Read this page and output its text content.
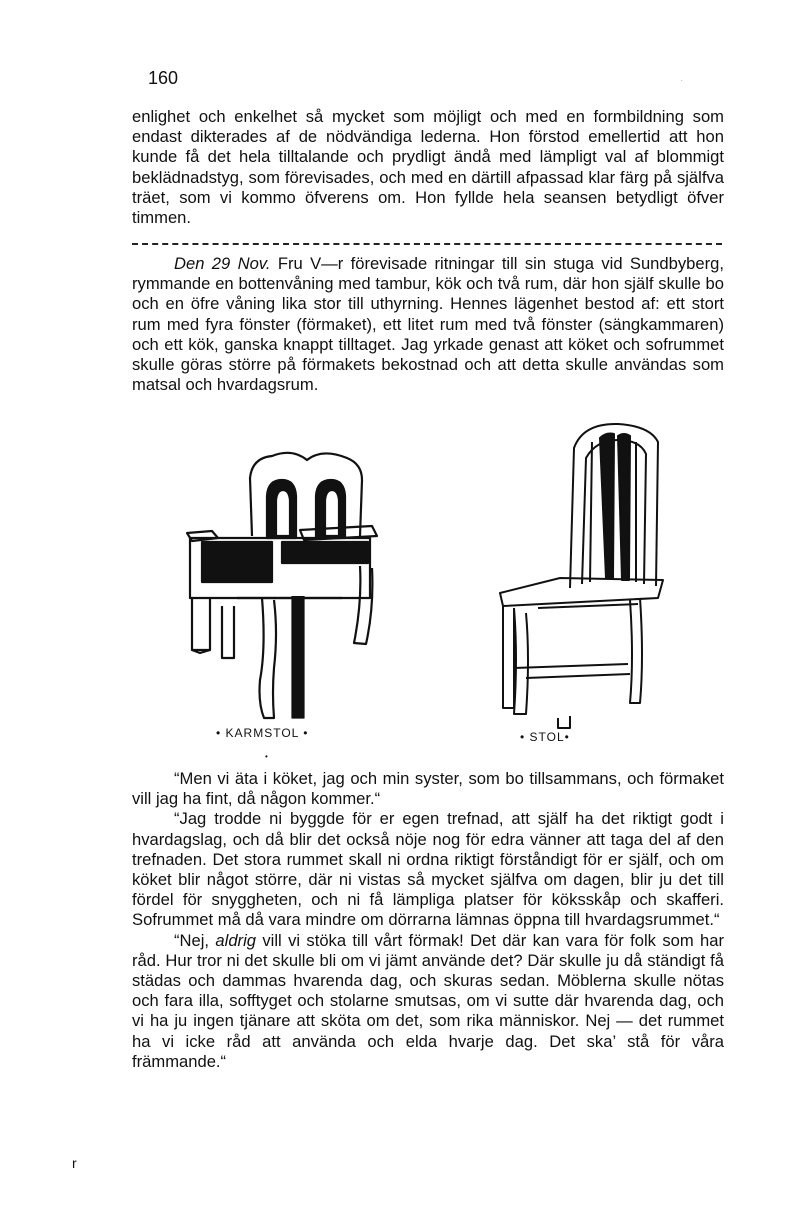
160	·

enlighet och enkelhet så mycket som möjligt och med en formbildning som endast dikterades af de nödvändiga lederna. Hon förstod emellertid att hon kunde få det hela tilltalande och prydligt ändå med lämpligt val af blommigt beklädnadstyg, som förevisades, och med en därtill afpassad klar färg på själfva träet, som vi kommo öfverens om. Hon fyllde hela seansen betydligt öfver timmen.

Den 29 Nov. Fru V—r förevisade ritningar till sin stuga vid Sundbyberg, rymmande en bottenvåning med tambur, kök och två rum, där hon själf skulle bo och en öfre våning lika stor till uthyrning. Hennes lägenhet bestod af: ett stort rum med fyra fönster (förmaket), ett litet rum med två fönster (sängkammaren) och ett kök, ganska knappt tilltaget. Jag yrkade genast att köket och sofrummet skulle göras större på förmakets bekostnad och att detta skulle användas som matsal och hvardagsrum.

• KARMSTOL •	• STOL•
•

“Men vi äta i köket, jag och min syster, som bo tillsammans, och förmaket vill jag ha fint, då någon kommer.“

“Jag trodde ni byggde för er egen trefnad, att själf ha det riktigt godt i hvardagslag, och då blir det också nöje nog för edra vänner att taga del af den trefnaden. Det stora rummet skall ni ordna riktigt förståndigt för er själf, och om köket blir något större, där ni vistas så mycket själfva om dagen, blir ju det till fördel för snyggheten, och ni få lämpliga platser för köksskåp och skafferi. Sofrummet må då vara mindre om dörrarna lämnas öppna till hvardagsrummet.“

“Nej, aldrig vill vi stöka till vårt förmak! Det där kan vara för folk som har råd. Hur tror ni det skulle bli om vi jämt använde det? Där skulle ju då ständigt få städas och dammas hvarenda dag, och skuras sedan. Möblerna skulle nötas och fara illa, sofftyget och stolarne smutsas, om vi sutte där hvarenda dag, och vi ha ju ingen tjänare att sköta om det, som rika människor. Nej — det rummet ha vi icke råd att använda och elda hvarje dag. Det ska’ stå för våra främmande.“

r
